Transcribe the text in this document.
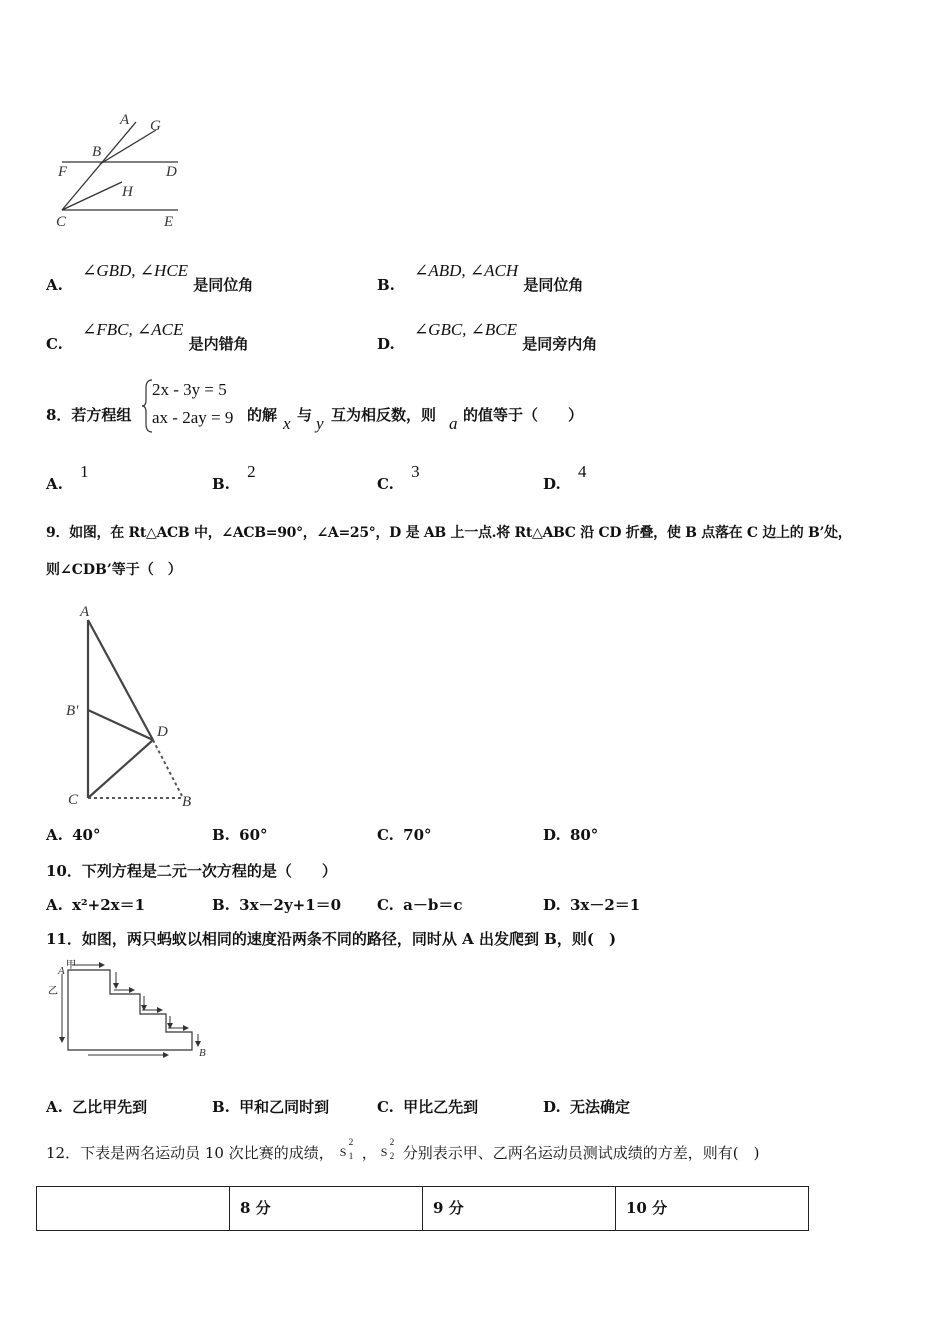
A G
B
F	D
H
C	E
A. ∠GBD, ∠HCE 是同位角	B. ∠ABD, ∠ACH 是同位角
C. ∠FBC, ∠ACE 是内错角	D. ∠GBC, ∠BCE 是同旁内角
8．若方程组
2x - 3y = 5
ax - 2ay = 9 的解 x 与 y 互为相反数，则 a 的值等于（　　）
A. 1
B. 2
C. 3
D. 4
9．如图，在 Rt△ACB 中，∠ACB=90°，∠A=25°，D 是 AB 上一点.将 Rt△ABC 沿 CD 折叠，使 B 点落在 C 边上的 B’处，
则∠CDB’等于（　）
A
B'
D
C	B
A. 40°	B. 60°	C. 70°	D. 80°
10．下列方程是二元一次方程的是（　　）
A. x²+2x＝1	B. 3x－2y+1＝0 C. a－b＝c	D. 3x－2＝1
11．如图，两只蚂蚁以相同的速度沿两条不同的路径，同时从 A 出发爬到 B，则(　)
A 甲
乙
B
A. 乙比甲先到	B. 甲和乙同时到	C. 甲比乙先到	D. 无法确定
12．下表是两名运动员 10 次比赛的成绩， S
2
1 ， S
2
2 分别表示甲、乙两名运动员测试成绩的方差，则有(　)
	8 分	9 分	10 分
